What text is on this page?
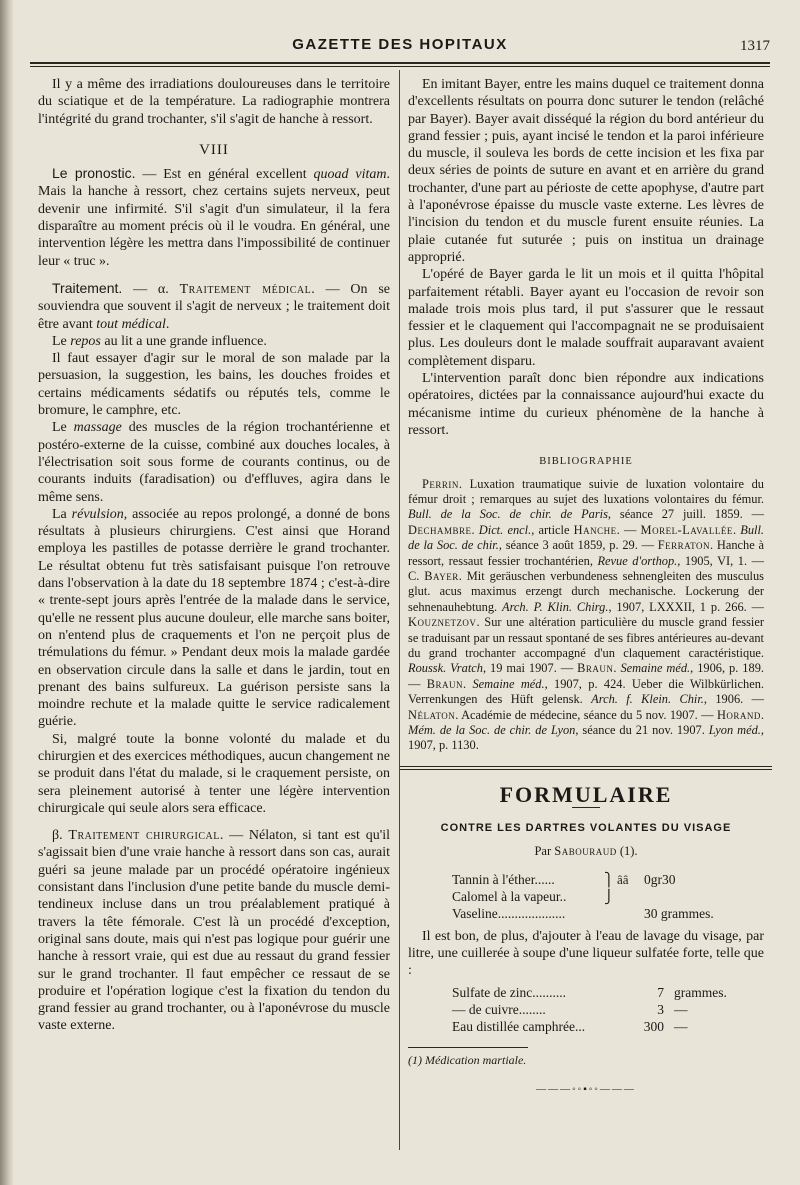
GAZETTE DES HOPITAUX	1317

Il y a même des irradiations douloureuses dans le territoire du sciatique et de la température. La radiographie montrera l'intégrité du grand trochanter, s'il s'agit de hanche à ressort.

VIII

Le pronostic. — Est en général excellent quoad vitam. Mais la hanche à ressort, chez certains sujets nerveux, peut devenir une infirmité. S'il s'agit d'un simulateur, il la fera disparaître au moment précis où il le voudra. En général, une intervention légère les mettra dans l'impossibilité de continuer leur « truc ».

Traitement. — α. Traitement médical. — On se souviendra que souvent il s'agit de nerveux ; le traitement doit être avant tout médical.

Le repos au lit a une grande influence.

Il faut essayer d'agir sur le moral de son malade par la persuasion, la suggestion, les bains, les douches froides et certains médicaments sédatifs ou réputés tels, comme le bromure, le camphre, etc.

Le massage des muscles de la région trochantérienne et postéro-externe de la cuisse, combiné aux douches locales, à l'électrisation soit sous forme de courants continus, ou de courants induits (faradisation) ou d'effluves, agira dans le même sens.

La révulsion, associée au repos prolongé, a donné de bons résultats à plusieurs chirurgiens. C'est ainsi que Horand employa les pastilles de potasse derrière le grand trochanter. Le résultat obtenu fut très satisfaisant puisque l'on retrouve dans l'observation à la date du 18 septembre 1874 ; c'est-à-dire « trente-sept jours après l'entrée de la malade dans le service, qu'elle ne ressent plus aucune douleur, elle marche sans boiter, on n'entend plus de craquements et l'on ne perçoit plus de trémulations du fémur. » Pendant deux mois la malade gardée en observation circule dans la salle et dans le jardin, tout en prenant des bains sulfureux. La guérison persiste sans la moindre rechute et la malade quitte le service radicalement guérie.

Si, malgré toute la bonne volonté du malade et du chirurgien et des exercices méthodiques, aucun changement ne se produit dans l'état du malade, si le craquement persiste, on sera pleinement autorisé à tenter une légère intervention chirurgicale qui seule alors sera efficace.

β. Traitement chirurgical. — Nélaton, si tant est qu'il s'agissait bien d'une vraie hanche à ressort dans son cas, aurait guéri sa jeune malade par un procédé opératoire ingénieux consistant dans l'inclusion d'une petite bande du muscle demi-tendineux incluse dans un trou préalablement pratiqué à travers la tête fémorale. C'est là un procédé d'exception, original sans doute, mais qui n'est pas logique pour guérir une hanche à ressort vraie, qui est due au ressaut du grand fessier sur le grand trochanter. Il faut empêcher ce ressaut de se produire et l'opération logique c'est la fixation du tendon du grand fessier au grand trochanter, ou à l'aponévrose du muscle vaste externe.

En imitant Bayer, entre les mains duquel ce traitement donna d'excellents résultats on pourra donc suturer le tendon (relâché par Bayer). Bayer avait disséqué la région du bord antérieur du grand fessier ; puis, ayant incisé le tendon et la paroi inférieure du muscle, il souleva les bords de cette incision et les fixa par deux séries de points de suture en avant et en arrière du grand trochanter, d'une part au périoste de cette apophyse, d'autre part à l'aponévrose épaisse du muscle vaste externe. Les lèvres de l'incision du tendon et du muscle furent ensuite réunies. La plaie cutanée fut suturée ; puis on institua un drainage approprié.

L'opéré de Bayer garda le lit un mois et il quitta l'hôpital parfaitement rétabli. Bayer ayant eu l'occasion de revoir son malade trois mois plus tard, il put s'assurer que le ressaut fessier et le claquement qui l'accompagnait ne se produisaient plus. Les douleurs dont le malade souffrait auparavant avaient complètement disparu.

L'intervention paraît donc bien répondre aux indications opératoires, dictées par la connaissance aujourd'hui exacte du mécanisme intime du curieux phénomène de la hanche à ressort.

BIBLIOGRAPHIE

Perrin. Luxation traumatique suivie de luxation volontaire du fémur droit ; remarques au sujet des luxations volontaires du fémur. Bull. de la Soc. de chir. de Paris, séance 27 juill. 1859. — Dechambre. Dict. encl., article Hanche. — Morel-Lavallée. Bull. de la Soc. de chir., séance 3 août 1859, p. 29. — Ferraton. Hanche à ressort, ressaut fessier trochantérien, Revue d'orthop., 1905, VI, 1. — C. Bayer. Mit geräuschen verbundeness sehnengleiten des musculus glut. acus maximus erzengt durch mechanische. Lockerung der sehnenauhebtung. Arch. P. Klin. Chirg., 1907, LXXXII, 1 p. 266. — Kouznetzov. Sur une altération particulière du muscle grand fessier se traduisant par un ressaut spontané de ses fibres antérieures au-devant du grand trochanter accompagné d'un claquement caractéristique. Roussk. Vratch, 19 mai 1907. — Braun. Semaine méd., 1906, p. 189. — Braun. Semaine méd., 1907, p. 424. Ueber die Wilbkürlichen. Verrenkungen des Hüft gelensk. Arch. f. Klein. Chir., 1906. — Nélaton. Académie de médecine, séance du 5 nov. 1907. — Horand. Mém. de la Soc. de chir. de Lyon, séance du 21 nov. 1907. Lyon méd., 1907, p. 1130.

FORMULAIRE

CONTRE LES DARTRES VOLANTES DU VISAGE

Par Sabouraud (1).

Tannin à l'éther......	⎫ ââ	0gr30
Calomel à la vapeur..	⎭	
Vaseline....................		30 grammes.

Il est bon, de plus, d'ajouter à l'eau de lavage du visage, par litre, une cuillerée à soupe d'une liqueur sulfatée forte, telle que :

Sulfate de zinc..........	7	grammes.
— de cuivre........	3	—
Eau distillée camphrée...	300	—

(1) Médication martiale.

———◦◦▪◦◦———
